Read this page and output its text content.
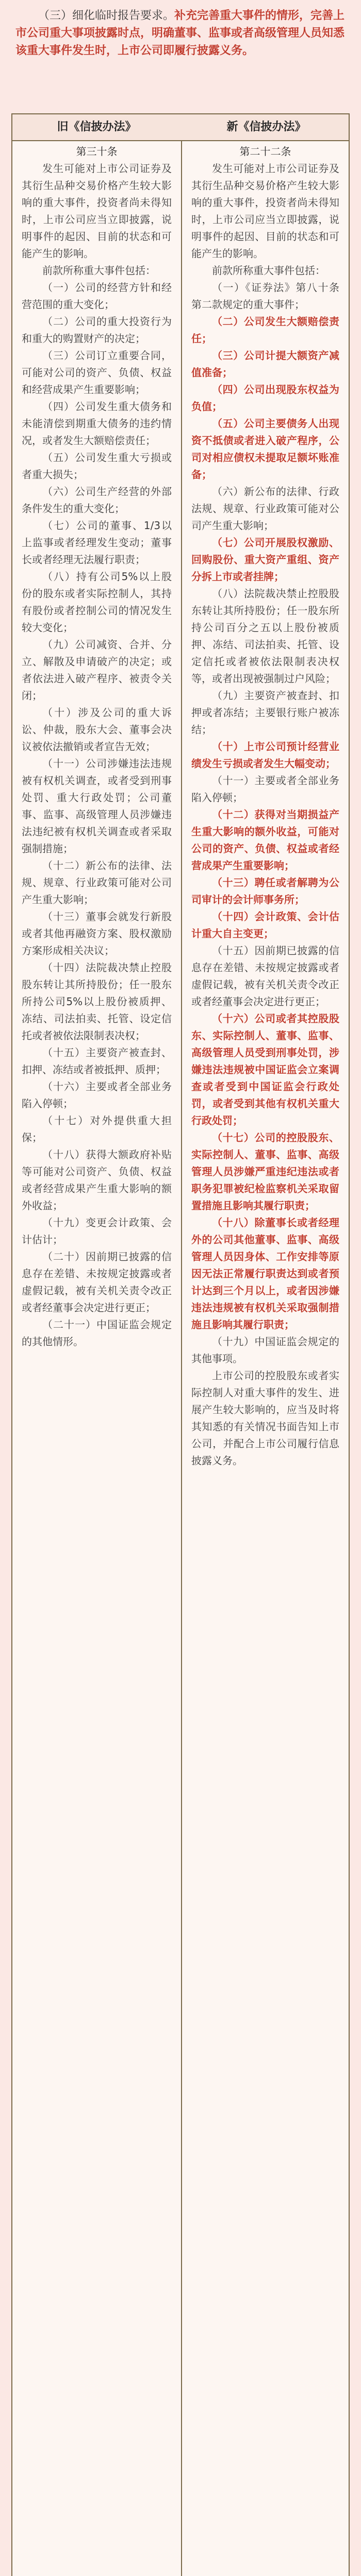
（三）细化临时报告要求。补充完善重大事件的情形，完善上市公司重大事项披露时点，明确董事、监事或者高级管理人员知悉该重大事件发生时，上市公司即履行披露义务。
旧《信披办法》	新《信披办法》

第三十条

发生可能对上市公司证券及其衍生品种交易价格产生较大影响的重大事件，投资者尚未得知时，上市公司应当立即披露，说明事件的起因、目前的状态和可能产生的影响。

前款所称重大事件包括：

（一）公司的经营方针和经营范围的重大变化；

（二）公司的重大投资行为和重大的购置财产的决定；

（三）公司订立重要合同，可能对公司的资产、负债、权益和经营成果产生重要影响；

（四）公司发生重大债务和未能清偿到期重大债务的违约情况，或者发生大额赔偿责任；

（五）公司发生重大亏损或者重大损失；

（六）公司生产经营的外部条件发生的重大变化；

（七）公司的董事、1/3以上监事或者经理发生变动；董事长或者经理无法履行职责；

（八）持有公司5%以上股份的股东或者实际控制人，其持有股份或者控制公司的情况发生较大变化；

（九）公司减资、合并、分立、解散及申请破产的决定；或者依法进入破产程序、被责令关闭；

（十）涉及公司的重大诉讼、仲裁，股东大会、董事会决议被依法撤销或者宣告无效；

（十一）公司涉嫌违法违规被有权机关调查，或者受到刑事处罚、重大行政处罚；公司董事、监事、高级管理人员涉嫌违法违纪被有权机关调查或者采取强制措施；

（十二）新公布的法律、法规、规章、行业政策可能对公司产生重大影响；

（十三）董事会就发行新股或者其他再融资方案、股权激励方案形成相关决议；

（十四）法院裁决禁止控股股东转让其所持股份；任一股东所持公司5%以上股份被质押、冻结、司法拍卖、托管、设定信托或者被依法限制表决权；

（十五）主要资产被查封、扣押、冻结或者被抵押、质押；

（十六）主要或者全部业务陷入停顿；

（十七）对外提供重大担保；

（十八）获得大额政府补贴等可能对公司资产、负债、权益或者经营成果产生重大影响的额外收益；

（十九）变更会计政策、会计估计；

（二十）因前期已披露的信息存在差错、未按规定披露或者虚假记载，被有关机关责令改正或者经董事会决定进行更正；

（二十一）中国证监会规定的其他情形。

第二十二条

发生可能对上市公司证券及其衍生品种交易价格产生较大影响的重大事件，投资者尚未得知时，上市公司应当立即披露，说明事件的起因、目前的状态和可能产生的影响。

前款所称重大事件包括：

（一）《证券法》第八十条第二款规定的重大事件；

（二）公司发生大额赔偿责任；

（三）公司计提大额资产减值准备；

（四）公司出现股东权益为负值；

（五）公司主要债务人出现资不抵债或者进入破产程序，公司对相应债权未提取足额坏账准备；

（六）新公布的法律、行政法规、规章、行业政策可能对公司产生重大影响；

（七）公司开展股权激励、回购股份、重大资产重组、资产分拆上市或者挂牌；

（八）法院裁决禁止控股股东转让其所持股份；任一股东所持公司百分之五以上股份被质押、冻结、司法拍卖、托管、设定信托或者被依法限制表决权等，或者出现被强制过户风险；

（九）主要资产被查封、扣押或者冻结；主要银行账户被冻结；

（十）上市公司预计经营业绩发生亏损或者发生大幅变动；

（十一）主要或者全部业务陷入停顿；

（十二）获得对当期损益产生重大影响的额外收益，可能对公司的资产、负债、权益或者经营成果产生重要影响；

（十三）聘任或者解聘为公司审计的会计师事务所；

（十四）会计政策、会计估计重大自主变更；

（十五）因前期已披露的信息存在差错、未按规定披露或者虚假记载，被有关机关责令改正或者经董事会决定进行更正；

（十六）公司或者其控股股东、实际控制人、董事、监事、高级管理人员受到刑事处罚，涉嫌违法违规被中国证监会立案调查或者受到中国证监会行政处罚，或者受到其他有权机关重大行政处罚；

（十七）公司的控股股东、实际控制人、董事、监事、高级管理人员涉嫌严重违纪违法或者职务犯罪被纪检监察机关采取留置措施且影响其履行职责；

（十八）除董事长或者经理外的公司其他董事、监事、高级管理人员因身体、工作安排等原因无法正常履行职责达到或者预计达到三个月以上，或者因涉嫌违法违规被有权机关采取强制措施且影响其履行职责；

（十九）中国证监会规定的其他事项。

上市公司的控股股东或者实际控制人对重大事件的发生、进展产生较大影响的，应当及时将其知悉的有关情况书面告知上市公司，并配合上市公司履行信息披露义务。
